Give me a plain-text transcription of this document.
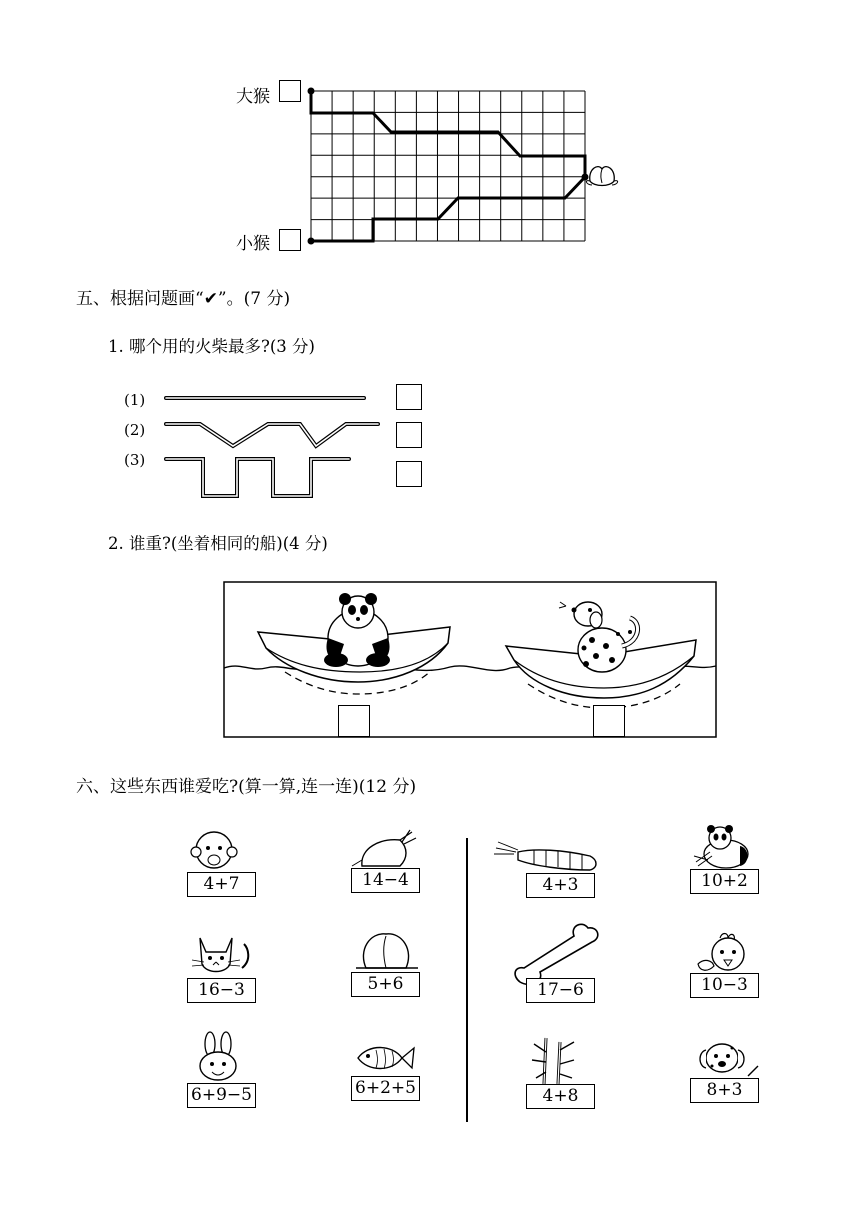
大猴
小猴
五、根据问题画“✔”。(7 分)
1. 哪个用的火柴最多?(3 分)
(1)
(2)
(3)
2. 谁重?(坐着相同的船)(4 分)
六、这些东西谁爱吃?(算一算,连一连)(12 分)
4+7
16−3
6+9−5
14−4
5+6
6+2+5
4+3
17−6
4+8
10+2
10−3
8+3
